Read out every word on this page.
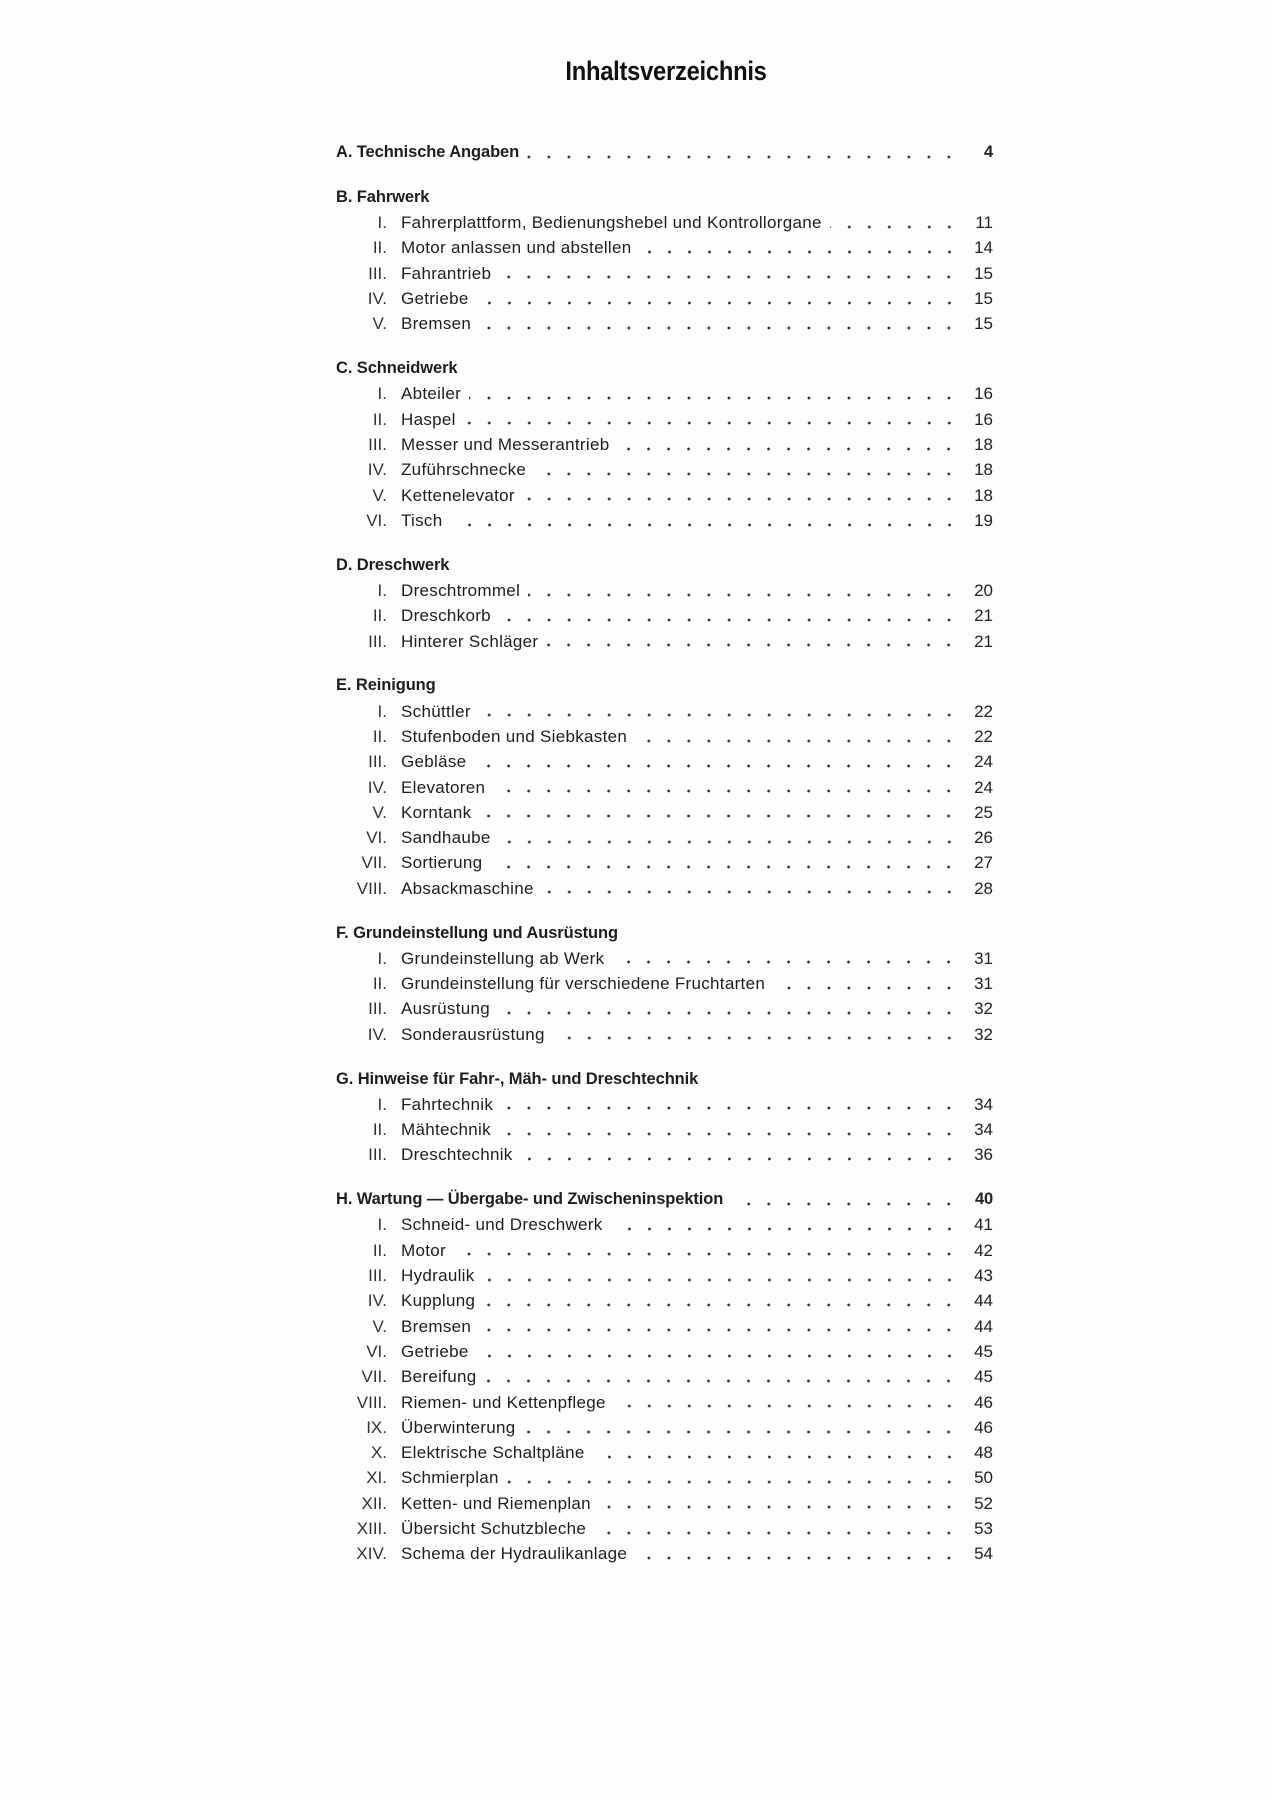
Inhaltsverzeichnis
A. Technische Angaben	4
B. Fahrwerk
I. Fahrerplattform, Bedienungshebel und Kontrollorgane	11
II. Motor anlassen und abstellen	14
III. Fahrantrieb	15
IV. Getriebe	15
V. Bremsen	15
C. Schneidwerk
I. Abteiler	16
II. Haspel	16
III. Messer und Messerantrieb	18
IV. Zuführschnecke	18
V. Kettenelevator	18
VI. Tisch	19
D. Dreschwerk
I. Dreschtrommel	20
II. Dreschkorb	21
III. Hinterer Schläger	21
E. Reinigung
I. Schüttler	22
II. Stufenboden und Siebkasten	22
III. Gebläse	24
IV. Elevatoren	24
V. Korntank	25
VI. Sandhaube	26
VII. Sortierung	27
VIII. Absackmaschine	28
F. Grundeinstellung und Ausrüstung
I. Grundeinstellung ab Werk	31
II. Grundeinstellung für verschiedene Fruchtarten	31
III. Ausrüstung	32
IV. Sonderausrüstung	32
G. Hinweise für Fahr-, Mäh- und Dreschtechnik
I. Fahrtechnik	34
II. Mähtechnik	34
III. Dreschtechnik	36
H. Wartung — Übergabe- und Zwischeninspektion	40
I. Schneid- und Dreschwerk	41
II. Motor	42
III. Hydraulik	43
IV. Kupplung	44
V. Bremsen	44
VI. Getriebe	45
VII. Bereifung	45
VIII. Riemen- und Kettenpflege	46
IX. Überwinterung	46
X. Elektrische Schaltpläne	48
XI. Schmierplan	50
XII. Ketten- und Riemenplan	52
XIII. Übersicht Schutzbleche	53
XIV. Schema der Hydraulikanlage	54
